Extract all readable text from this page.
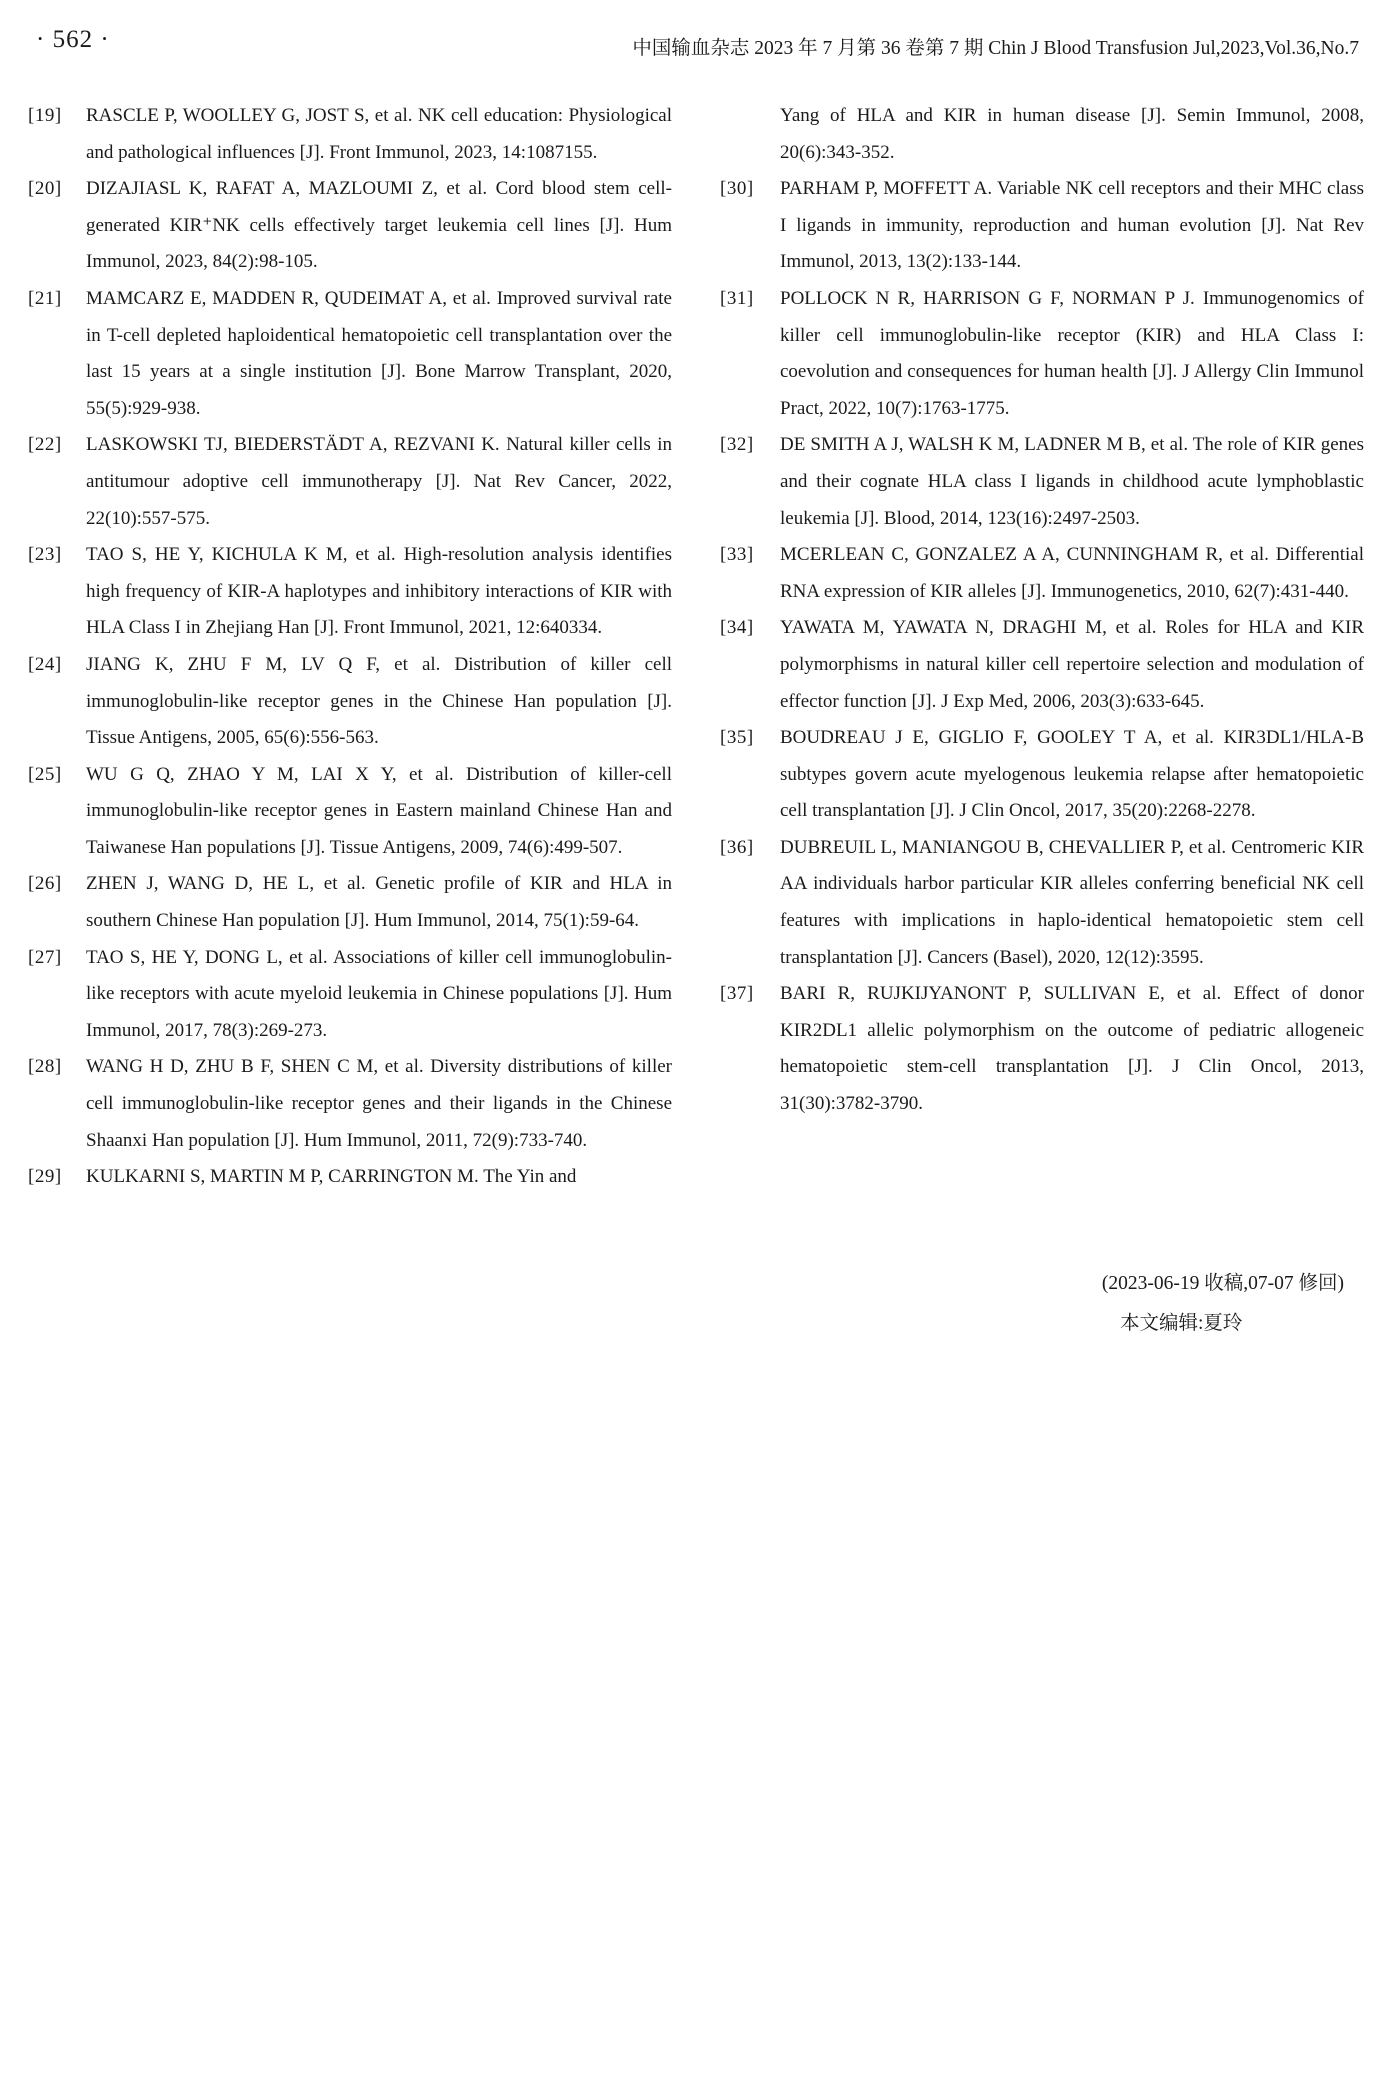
· 562 ·	中国输血杂志 2023 年 7 月第 36 卷第 7 期 Chin J Blood Transfusion Jul,2023,Vol.36,No.7
[19]	RASCLE P, WOOLLEY G, JOST S, et al. NK cell education: Physiological and pathological influences [J]. Front Immunol, 2023, 14:1087155.
[20]	DIZAJIASL K, RAFAT A, MAZLOUMI Z, et al. Cord blood stem cell-generated KIR⁺NK cells effectively target leukemia cell lines [J]. Hum Immunol, 2023, 84(2):98-105.
[21]	MAMCARZ E, MADDEN R, QUDEIMAT A, et al. Improved survival rate in T-cell depleted haploidentical hematopoietic cell transplantation over the last 15 years at a single institution [J]. Bone Marrow Transplant, 2020, 55(5):929-938.
[22]	LASKOWSKI TJ, BIEDERSTÄDT A, REZVANI K. Natural killer cells in antitumour adoptive cell immunotherapy [J]. Nat Rev Cancer, 2022, 22(10):557-575.
[23]	TAO S, HE Y, KICHULA K M, et al. High-resolution analysis identifies high frequency of KIR-A haplotypes and inhibitory interactions of KIR with HLA Class I in Zhejiang Han [J]. Front Immunol, 2021, 12:640334.
[24]	JIANG K, ZHU F M, LV Q F, et al. Distribution of killer cell immunoglobulin-like receptor genes in the Chinese Han population [J]. Tissue Antigens, 2005, 65(6):556-563.
[25]	WU G Q, ZHAO Y M, LAI X Y, et al. Distribution of killer-cell immunoglobulin-like receptor genes in Eastern mainland Chinese Han and Taiwanese Han populations [J]. Tissue Antigens, 2009, 74(6):499-507.
[26]	ZHEN J, WANG D, HE L, et al. Genetic profile of KIR and HLA in southern Chinese Han population [J]. Hum Immunol, 2014, 75(1):59-64.
[27]	TAO S, HE Y, DONG L, et al. Associations of killer cell immunoglobulin-like receptors with acute myeloid leukemia in Chinese populations [J]. Hum Immunol, 2017, 78(3):269-273.
[28]	WANG H D, ZHU B F, SHEN C M, et al. Diversity distributions of killer cell immunoglobulin-like receptor genes and their ligands in the Chinese Shaanxi Han population [J]. Hum Immunol, 2011, 72(9):733-740.
[29]	KULKARNI S, MARTIN M P, CARRINGTON M. The Yin and
Yang of HLA and KIR in human disease [J]. Semin Immunol, 2008, 20(6):343-352.
[30]	PARHAM P, MOFFETT A. Variable NK cell receptors and their MHC class I ligands in immunity, reproduction and human evolution [J]. Nat Rev Immunol, 2013, 13(2):133-144.
[31]	POLLOCK N R, HARRISON G F, NORMAN P J. Immunogenomics of killer cell immunoglobulin-like receptor (KIR) and HLA Class I: coevolution and consequences for human health [J]. J Allergy Clin Immunol Pract, 2022, 10(7):1763-1775.
[32]	DE SMITH A J, WALSH K M, LADNER M B, et al. The role of KIR genes and their cognate HLA class I ligands in childhood acute lymphoblastic leukemia [J]. Blood, 2014, 123(16):2497-2503.
[33]	MCERLEAN C, GONZALEZ A A, CUNNINGHAM R, et al. Differential RNA expression of KIR alleles [J]. Immunogenetics, 2010, 62(7):431-440.
[34]	YAWATA M, YAWATA N, DRAGHI M, et al. Roles for HLA and KIR polymorphisms in natural killer cell repertoire selection and modulation of effector function [J]. J Exp Med, 2006, 203(3):633-645.
[35]	BOUDREAU J E, GIGLIO F, GOOLEY T A, et al. KIR3DL1/HLA-B subtypes govern acute myelogenous leukemia relapse after hematopoietic cell transplantation [J]. J Clin Oncol, 2017, 35(20):2268-2278.
[36]	DUBREUIL L, MANIANGOU B, CHEVALLIER P, et al. Centromeric KIR AA individuals harbor particular KIR alleles conferring beneficial NK cell features with implications in haplo-identical hematopoietic stem cell transplantation [J]. Cancers (Basel), 2020, 12(12):3595.
[37]	BARI R, RUJKIJYANONT P, SULLIVAN E, et al. Effect of donor KIR2DL1 allelic polymorphism on the outcome of pediatric allogeneic hematopoietic stem-cell transplantation [J]. J Clin Oncol, 2013, 31(30):3782-3790.
(2023-06-19 收稿,07-07 修回)
本文编辑:夏玲
